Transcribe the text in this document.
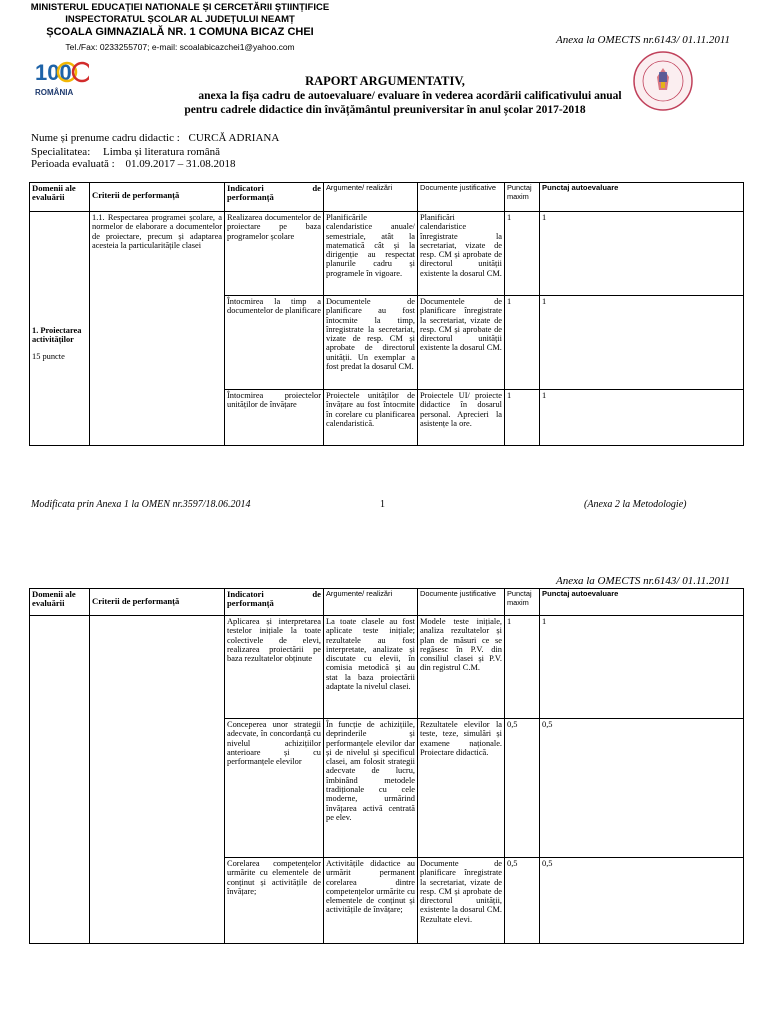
MINISTERUL EDUCAȚIEI NATIONALE ȘI CERCETĂRII ȘTIINȚIFICE
INSPECTORATUL ȘCOLAR AL JUDEȚULUI NEAMȚ
ȘCOALA GIMNAZIALĂ NR. 1 COMUNA BICAZ CHEI
Tel./Fax: 0233255707; e-mail: scoalabicazchei1@yahoo.com
Anexa la OMECTS nr.6143/ 01.11.2011
100
ROMÂNIA
RAPORT ARGUMENTATIV,
anexa la fișa cadru de autoevaluare/ evaluare în vederea acordării calificativului anual
pentru cadrele didactice din învățământul preuniversitar în anul școlar 2017-2018
Nume și prenume cadru didactic : CURCĂ ADRIANA
Specialitatea: Limba și literatura română
Perioada evaluată : 01.09.2017 – 31.08.2018
Domenii ale evaluării	Criterii de performanță	Indicatori de performanță	Argumente/ realizări	Documente justificative	Punctaj maxim	Punctaj autoevaluare

1. Proiectarea activităților
15 puncte	1.1. Respectarea programei școlare, a normelor de elaborare a documentelor de proiectare, precum și adaptarea acesteia la particularitățile clasei	Realizarea documentelor de proiectare pe baza programelor școlare	Planificările calendaristice anuale/ semestriale, atât la matematică cât și la dirigenție au respectat planurile cadru și programele în vigoare.	Planificări calendaristice înregistrate la secretariat, vizate de resp. CM și aprobate de directorul unității existente la dosarul CM.	1	1
		Întocmirea la timp a documentelor de planificare	Documentele de planificare au fost întocmite la timp, înregistrate la secretariat, vizate de resp. CM și aprobate de directorul unității. Un exemplar a fost predat la dosarul CM.	Documentele de planificare înregistrate la secretariat, vizate de resp. CM și aprobate de directorul unității existente la dosarul CM.	1	1
		Întocmirea proiectelor unităților de învățare	Proiectele unităților de învățare au fost întocmite în corelare cu planificarea calendaristică.	Proiectele UI/ proiecte didactice în dosarul personal. Aprecieri la asistențe la ore.	1	1
Modificata prin Anexa 1 la OMEN nr.3597/18.06.2014	1	(Anexa 2 la Metodologie)
Anexa la OMECTS nr.6143/ 01.11.2011
Domenii ale evaluării	Criterii de performanță	Indicatori de performanță	Argumente/ realizări	Documente justificative	Punctaj maxim	Punctaj autoevaluare
		Aplicarea și interpretarea testelor inițiale la toate colectivele de elevi, realizarea proiectării pe baza rezultatelor obținute	La toate clasele au fost aplicate teste inițiale; rezultatele au fost interpretate, analizate și discutate cu elevii, în comisia metodică și au stat la baza proiectării adaptate la nivelul clasei.	Modele teste inițiale, analiza rezultatelor și plan de măsuri ce se regăsesc în P.V. din consiliul clasei și P.V. din registrul C.M.	1	1
		Conceperea unor strategii adecvate, în concordanță cu nivelul achizițiilor anterioare și cu performanțele elevilor	În funcție de achizițiile, deprinderile și performanțele elevilor dar și de nivelul și specificul clasei, am folosit strategii adecvate de lucru, îmbinând metodele tradiționale cu cele moderne, urmărind învățarea activă centrată pe elev.	Rezultatele elevilor la teste, teze, simulări și examene naționale. Proiectare didactică.	0,5	0,5
		Corelarea competențelor urmărite cu elementele de conținut și activitățile de învățare;	Activitățile didactice au urmărit permanent corelarea dintre competențelor urmărite cu elementele de conținut și activitățile de învățare;	Documente de planificare înregistrate la secretariat, vizate de resp. CM și aprobate de directorul unității, existente la dosarul CM. Rezultate elevi.	0,5	0,5
